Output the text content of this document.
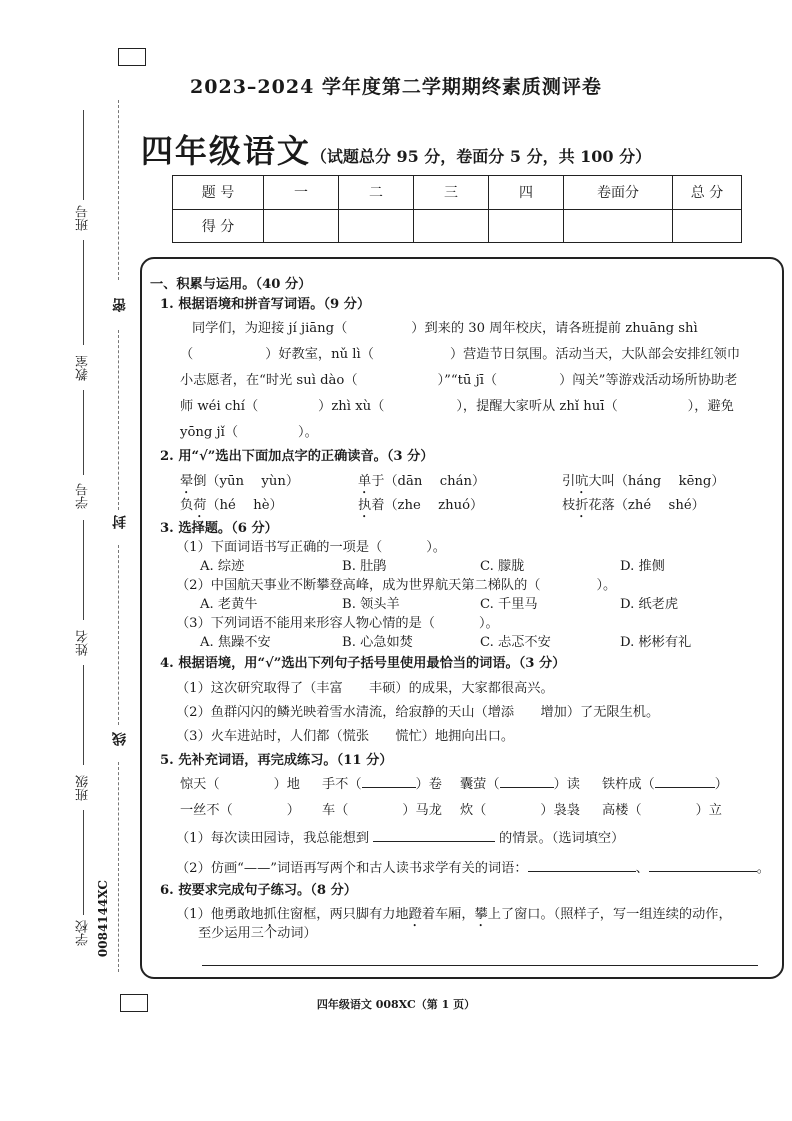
班号
教室
学号
姓名
班级
学校 0084144XC
密
封
线
2023–2024 学年度第二学期期终素质测评卷
四年级语文（试题总分 95 分，卷面分 5 分，共 100 分）
题 号	一	二	三	四	卷面分	总 分
得 分						
一、积累与运用。（40 分）
1. 根据语境和拼音写词语。（9 分）
同学们，为迎接 jí jiāng（	）到来的 30 周年校庆，请各班提前 zhuāng shì
（	）好教室，nǔ lì（	）营造节日氛围。活动当天，大队部会安排红领巾
小志愿者，在“时光 suì dào（	）”“tū jī（	）闯关”等游戏活动场所协助老
师 wéi chí（	）zhì xù（	），提醒大家听从 zhǐ huī（	），避免
yōng jǐ（	）。
2. 用“√”选出下面加点字的正确读音。（3 分）
晕倒（yūn　 yùn）	单于（dān　 chán）	引吭大叫（háng　 kēng）
负荷（hé　 hè）	执着（zhe　 zhuó）	枝折花落（zhé　 shé）
3. 选择题。（6 分）
（1）下面词语书写正确的一项是（	）。
A. 综迹	B. 肚鹃	C. 朦胧	D. 推侧
（2）中国航天事业不断攀登高峰，成为世界航天第二梯队的（	）。
A. 老黄牛	B. 领头羊	C. 千里马	D. 纸老虎
（3）下列词语不能用来形容人物心情的是（	）。
A. 焦躁不安	B. 心急如焚	C. 忐忑不安	D. 彬彬有礼
4. 根据语境，用“√”选出下列句子括号里使用最恰当的词语。（3 分）
（1）这次研究取得了（丰富　　丰硕）的成果，大家都很高兴。
（2）鱼群闪闪的鳞光映着雪水清流，给寂静的天山（增添　　增加）了无限生机。
（3）火车进站时，人们都（慌张　　慌忙）地拥向出口。
5. 先补充词语，再完成练习。（11 分）
惊天（	）地 手不（	）卷 囊萤（	）读 铁杵成（	）
一丝不（	） 车（	）马龙 炊（	）袅袅 高楼（	）立
（1）每次读田园诗，我总能想到	的情景。（选词填空）
（2）仿画“——”词语再写两个和古人读书求学有关的词语：	、	。
6. 按要求完成句子练习。（8 分）
（1）他勇敢地抓住窗框，两只脚有力地蹬着车厢，攀上了窗口。（照样子，写一组连续的动作，
至少运用三个动词）
四年级语文 008XC（第 1 页）
